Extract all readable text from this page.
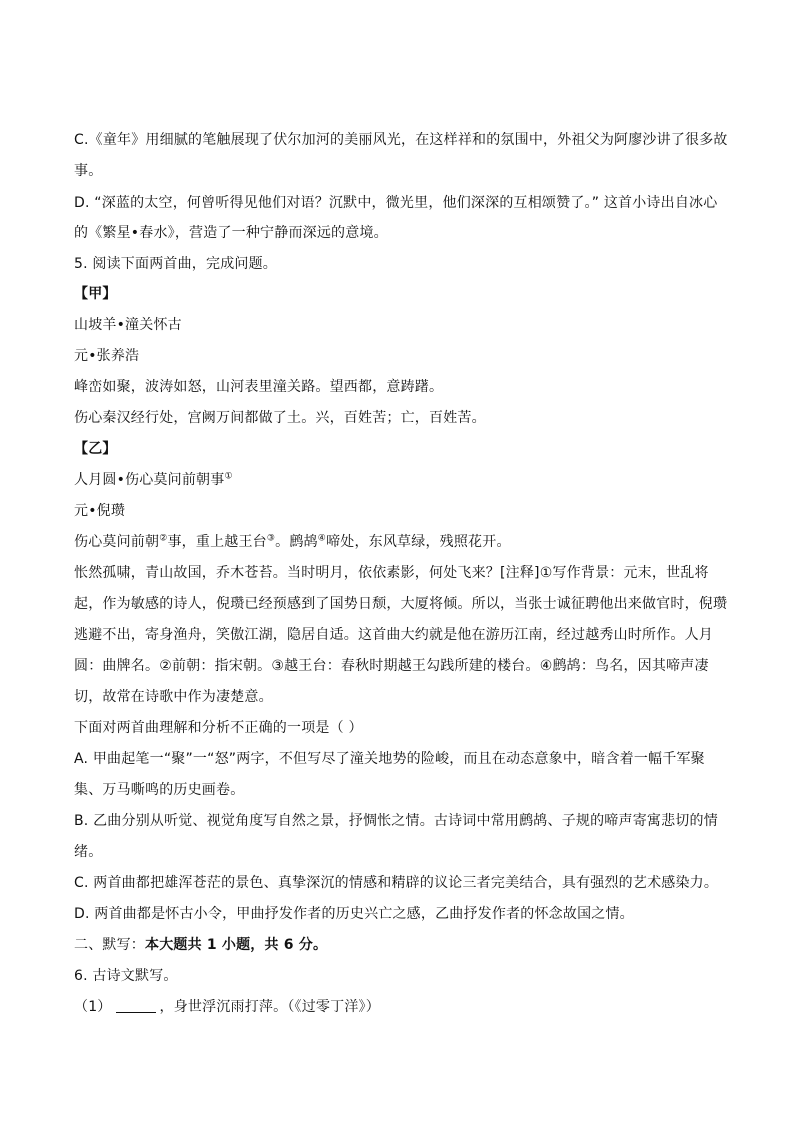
C.《童年》用细腻的笔触展现了伏尔加河的美丽风光，在这样祥和的氛围中，外祖父为阿廖沙讲了很多故
事。
D. “深蓝的太空，何曾听得见他们对语？沉默中，微光里，他们深深的互相颂赞了。” 这首小诗出自冰心
的《繁星•春水》，营造了一种宁静而深远的意境。
5. 阅读下面两首曲，完成问题。
【甲】
山坡羊•潼关怀古
元•张养浩
峰峦如聚，波涛如怒，山河表里潼关路。望西都，意踌躇。
伤心秦汉经行处，宫阙万间都做了土。兴，百姓苦；亡，百姓苦。
【乙】
人月圆•伤心莫问前朝事①
元•倪瓒
伤心莫问前朝②事，重上越王台③。鹧鸪④啼处，东风草绿，残照花开。
怅然孤啸，青山故国，乔木苍苔。当时明月，依依素影，何处飞来？[注释]①写作背景：元末，世乱将
起，作为敏感的诗人，倪瓒已经预感到了国势日颓，大厦将倾。所以，当张士诚征聘他出来做官时，倪瓒
逃避不出，寄身渔舟，笑傲江湖，隐居自适。这首曲大约就是他在游历江南，经过越秀山时所作。人月
圆：曲牌名。②前朝：指宋朝。③越王台：春秋时期越王勾践所建的楼台。④鹧鸪：鸟名，因其啼声凄
切，故常在诗歌中作为凄楚意。
下面对两首曲理解和分析不正确的一项是（ ）
A. 甲曲起笔一“聚”一“怒”两字，不但写尽了潼关地势的险峻，而且在动态意象中，暗含着一幅千军聚
集、万马嘶鸣的历史画卷。
B. 乙曲分别从听觉、视觉角度写自然之景，抒惆怅之情。古诗词中常用鹧鸪、子规的啼声寄寓悲切的情
绪。
C. 两首曲都把雄浑苍茫的景色、真挚深沉的情感和精辟的议论三者完美结合，具有强烈的艺术感染力。
D. 两首曲都是怀古小令，甲曲抒发作者的历史兴亡之感，乙曲抒发作者的怀念故国之情。
二、默写：本大题共 1 小题，共 6 分。
6. 古诗文默写。
（1）	，身世浮沉雨打萍。（《过零丁洋》）
